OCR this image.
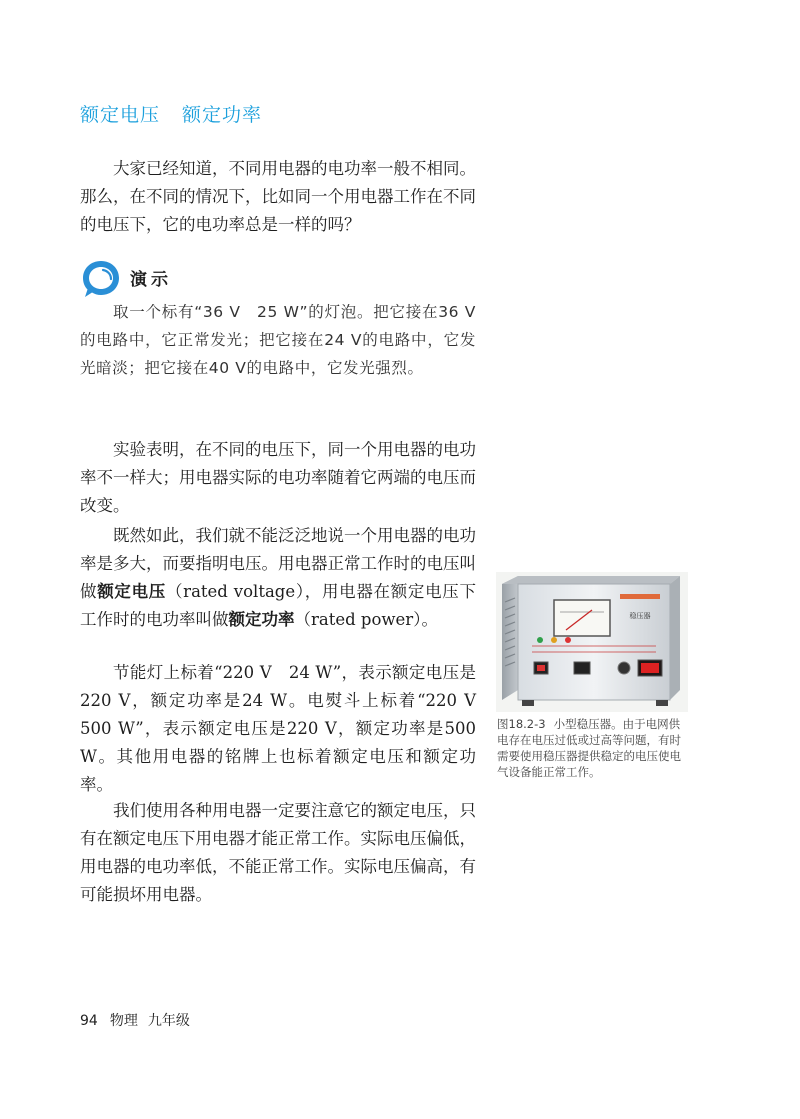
额定电压 额定功率

大家已经知道，不同用电器的电功率一般不相同。那么，在不同的情况下，比如同一个用电器工作在不同的电压下，它的电功率总是一样的吗？

演示

取一个标有“36 V　25 W”的灯泡。把它接在36 V的电路中，它正常发光；把它接在24 V的电路中，它发光暗淡；把它接在40 V的电路中，它发光强烈。

实验表明，在不同的电压下，同一个用电器的电功率不一样大；用电器实际的电功率随着它两端的电压而改变。

既然如此，我们就不能泛泛地说一个用电器的电功率是多大，而要指明电压。用电器正常工作时的电压叫做额定电压（rated voltage），用电器在额定电压下工作时的电功率叫做额定功率（rated power）。

节能灯上标着“220 V　24 W”，表示额定电压是220 V，额定功率是24 W。电熨斗上标着“220 V　500 W”，表示额定电压是220 V，额定功率是500 W。其他用电器的铭牌上也标着额定电压和额定功率。

我们使用各种用电器一定要注意它的额定电压，只有在额定电压下用电器才能正常工作。实际电压偏低，用电器的电功率低，不能正常工作。实际电压偏高，有可能损坏用电器。

稳压器

图18.2-3 小型稳压器。由于电网供电存在电压过低或过高等问题，有时需要使用稳压器提供稳定的电压使电气设备能正常工作。

94 物理 九年级
